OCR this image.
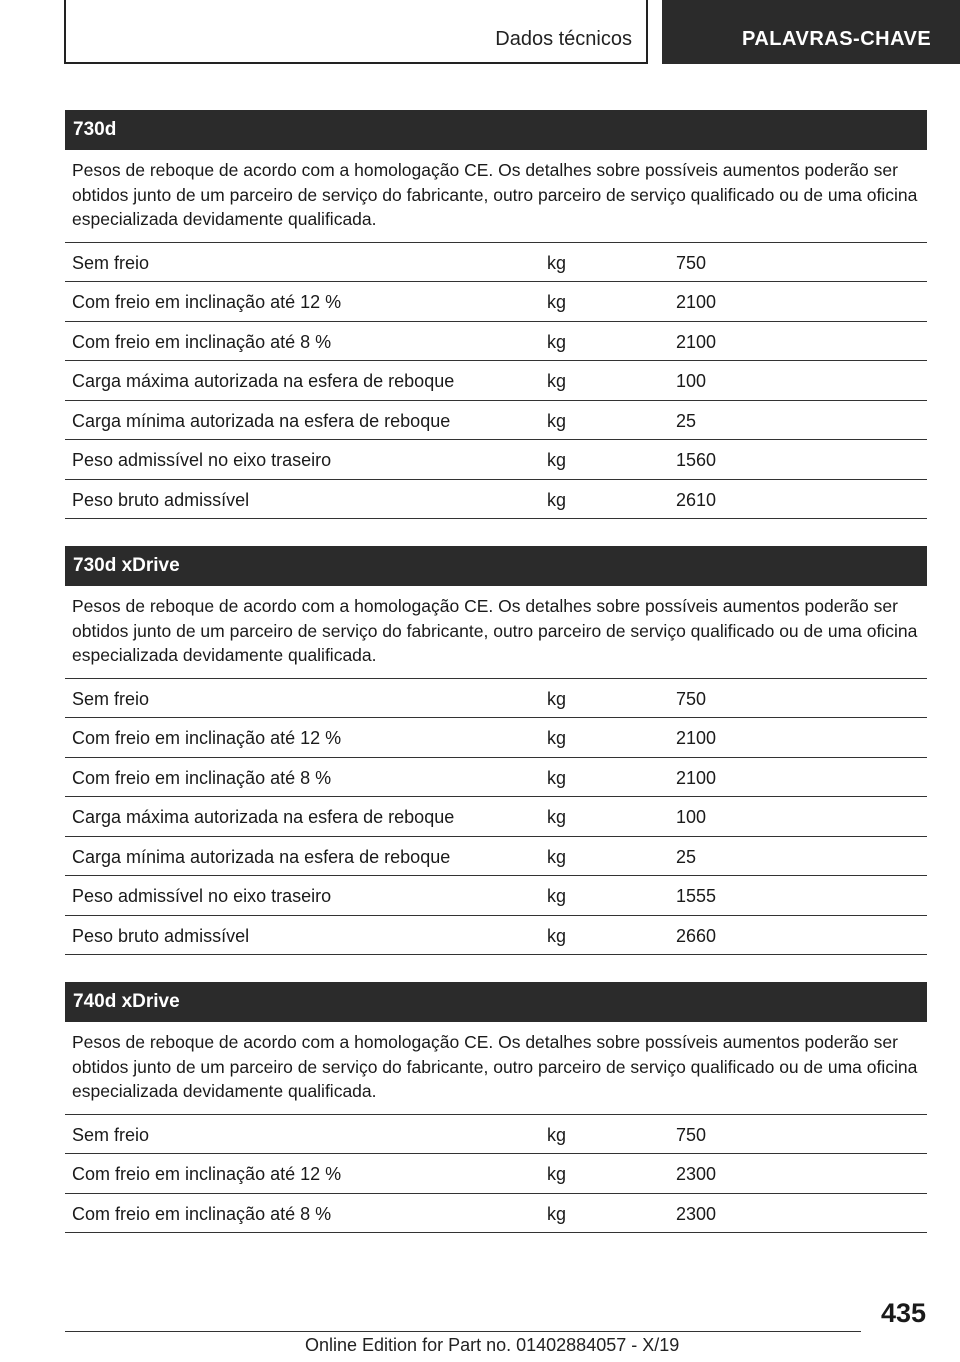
Dados técnicos	PALAVRAS-CHAVE
730d
Pesos de reboque de acordo com a homologação CE. Os detalhes sobre possíveis aumentos poderão ser obtidos junto de um parceiro de serviço do fabricante, outro parceiro de serviço qualificado ou de uma oficina especializada devidamente qualificada.
Sem freio	kg	750
Com freio em inclinação até 12 %	kg	2100
Com freio em inclinação até 8 %	kg	2100
Carga máxima autorizada na esfera de reboque	kg	100
Carga mínima autorizada na esfera de reboque	kg	25
Peso admissível no eixo traseiro	kg	1560
Peso bruto admissível	kg	2610
730d xDrive
Pesos de reboque de acordo com a homologação CE. Os detalhes sobre possíveis aumentos poderão ser obtidos junto de um parceiro de serviço do fabricante, outro parceiro de serviço qualificado ou de uma oficina especializada devidamente qualificada.
Sem freio	kg	750
Com freio em inclinação até 12 %	kg	2100
Com freio em inclinação até 8 %	kg	2100
Carga máxima autorizada na esfera de reboque	kg	100
Carga mínima autorizada na esfera de reboque	kg	25
Peso admissível no eixo traseiro	kg	1555
Peso bruto admissível	kg	2660
740d xDrive
Pesos de reboque de acordo com a homologação CE. Os detalhes sobre possíveis aumentos poderão ser obtidos junto de um parceiro de serviço do fabricante, outro parceiro de serviço qualificado ou de uma oficina especializada devidamente qualificada.
Sem freio	kg	750
Com freio em inclinação até 12 %	kg	2300
Com freio em inclinação até 8 %	kg	2300
435
Online Edition for Part no. 01402884057 - X/19
